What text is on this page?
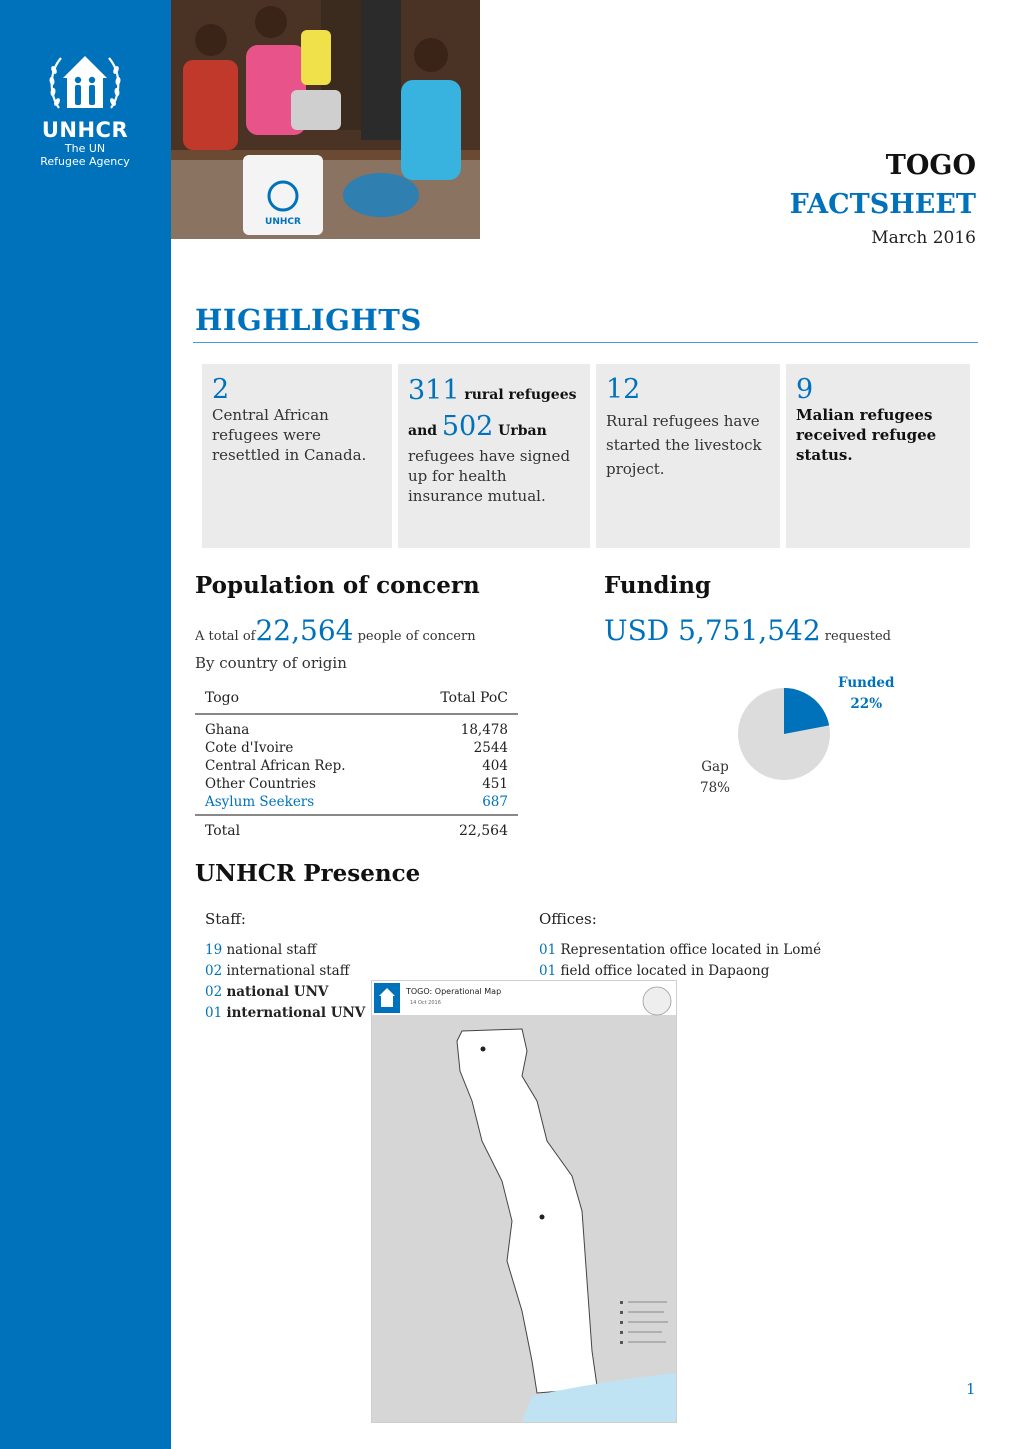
UNHCR
The UN
Refugee Agency
UNHCR
TOGO
FACTSHEET
March 2016
HIGHLIGHTS
2
Central African refugees were resettled in Canada.
311 rural refugees
and 502 Urban
refugees have signed up for health insurance mutual.
12
Rural refugees have started the livestock project.
9
Malian refugees received refugee status.
Population of concern
A total of22,564 people of concern
By country of origin
Togo	Total PoC
Ghana	18,478
Cote d'Ivoire	2544
Central African Rep.	404
Other Countries	451
Asylum Seekers	687
Total	22,564
Funding
USD 5,751,542 requested
Funded
22%
Gap
78%
UNHCR Presence
Staff:	Offices:
19 national staff
02 international staff
02 national UNV
01 international UNV
01 Representation office located in Lomé
01 field office located in Dapaong
TOGO: Operational Map
14 Oct 2016
1
